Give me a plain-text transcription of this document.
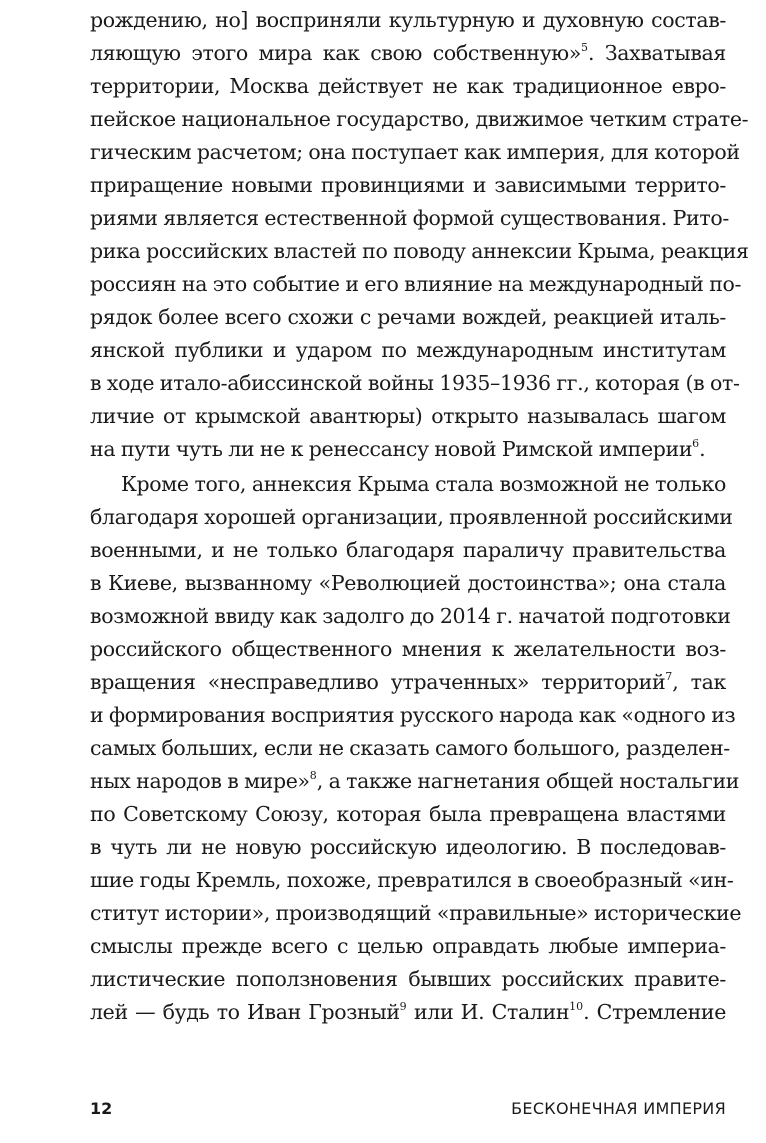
рождению, но] восприняли культурную и духовную состав-
ляющую этого мира как свою собственную»$^5$. Захватывая
территории, Москва действует не как традиционное евро-
пейское национальное государство, движимое четким страте-
гическим расчетом; она поступает как империя, для которой
приращение новыми провинциями и зависимыми террито-
риями является естественной формой существования. Рито-
рика российских властей по поводу аннексии Крыма, реакция
россиян на это событие и его влияние на международный по-
рядок более всего схожи с речами вождей, реакцией италь-
янской публики и ударом по международным институтам
в ходе итало-абиссинской войны 1935–1936 гг., которая (в от-
личие от крымской авантюры) открыто называлась шагом
на пути чуть ли не к ренессансу новой Римской империи$^6$.
Кроме того, аннексия Крыма стала возможной не только
благодаря хорошей организации, проявленной российскими
военными, и не только благодаря параличу правительства
в Киеве, вызванному «Революцией достоинства»; она стала
возможной ввиду как задолго до 2014 г. начатой подготовки
российского общественного мнения к желательности воз-
вращения «несправедливо утраченных» территорий$^7$, так
и формирования восприятия русского народа как «одного из
самых больших, если не сказать самого большого, разделен-
ных народов в мире»$^8$, а также нагнетания общей ностальгии
по Советскому Союзу, которая была превращена властями
в чуть ли не новую российскую идеологию. В последовав-
шие годы Кремль, похоже, превратился в своеобразный «ин-
ститут истории», производящий «правильные» исторические
смыслы прежде всего с целью оправдать любые империа-
листические поползновения бывших российских правите-
лей — будь то Иван Грозный$^9$ или И. Сталин$^{10}$. Стремление
12	БЕСКОНЕЧНАЯ ИМПЕРИЯ
